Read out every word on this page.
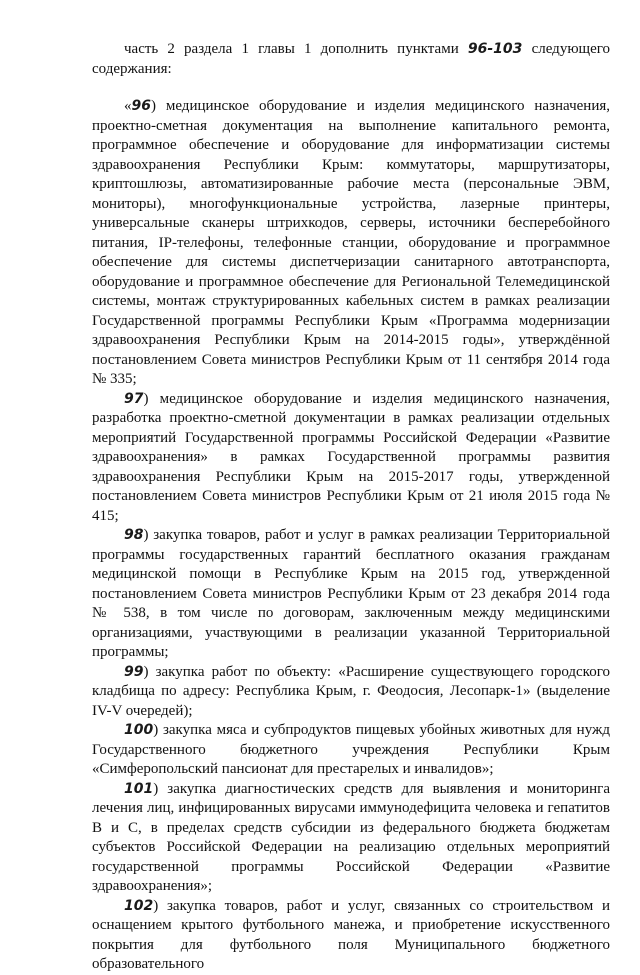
часть 2 раздела 1 главы 1 дополнить пунктами 96-103 следующего содержания:

«96) медицинское оборудование и изделия медицинского назначения, проектно-сметная документация на выполнение капитального ремонта, программное обеспечение и оборудование для информатизации системы здравоохранения Республики Крым: коммутаторы, маршрутизаторы, криптошлюзы, автоматизированные рабочие места (персональные ЭВМ, мониторы), многофункциональные устройства, лазерные принтеры, универсальные сканеры штрихкодов, серверы, источники бесперебойного питания, IP-телефоны, телефонные станции, оборудование и программное обеспечение для системы диспетчеризации санитарного автотранспорта, оборудование и программное обеспечение для Региональной Телемедицинской системы, монтаж структурированных кабельных систем в рамках реализации Государственной программы Республики Крым «Программа модернизации здравоохранения Республики Крым на 2014-2015 годы», утверждённой постановлением Совета министров Республики Крым от 11 сентября 2014 года № 335;

97) медицинское оборудование и изделия медицинского назначения, разработка проектно-сметной документации в рамках реализации отдельных мероприятий Государственной программы Российской Федерации «Развитие здравоохранения» в рамках Государственной программы развития здравоохранения Республики Крым на 2015-2017 годы, утвержденной постановлением Совета министров Республики Крым от 21 июля 2015 года № 415;

98) закупка товаров, работ и услуг в рамках реализации Территориальной программы государственных гарантий бесплатного оказания гражданам медицинской помощи в Республике Крым на 2015 год, утвержденной постановлением Совета министров Республики Крым от 23 декабря 2014 года № 538, в том числе по договорам, заключенным между медицинскими организациями, участвующими в реализации указанной Территориальной программы;

99) закупка работ по объекту: «Расширение существующего городского кладбища по адресу: Республика Крым, г. Феодосия, Лесопарк-1» (выделение IV-V очередей);

100) закупка мяса и субпродуктов пищевых убойных животных для нужд Государственного бюджетного учреждения Республики Крым «Симферопольский пансионат для престарелых и инвалидов»;

101) закупка диагностических средств для выявления и мониторинга лечения лиц, инфицированных вирусами иммунодефицита человека и гепатитов В и С, в пределах средств субсидии из федерального бюджета бюджетам субъектов Российской Федерации на реализацию отдельных мероприятий государственной программы Российской Федерации «Развитие здравоохранения»;

102) закупка товаров, работ и услуг, связанных со строительством и оснащением крытого футбольного манежа, и приобретение искусственного покрытия для футбольного поля Муниципального бюджетного образовательного
